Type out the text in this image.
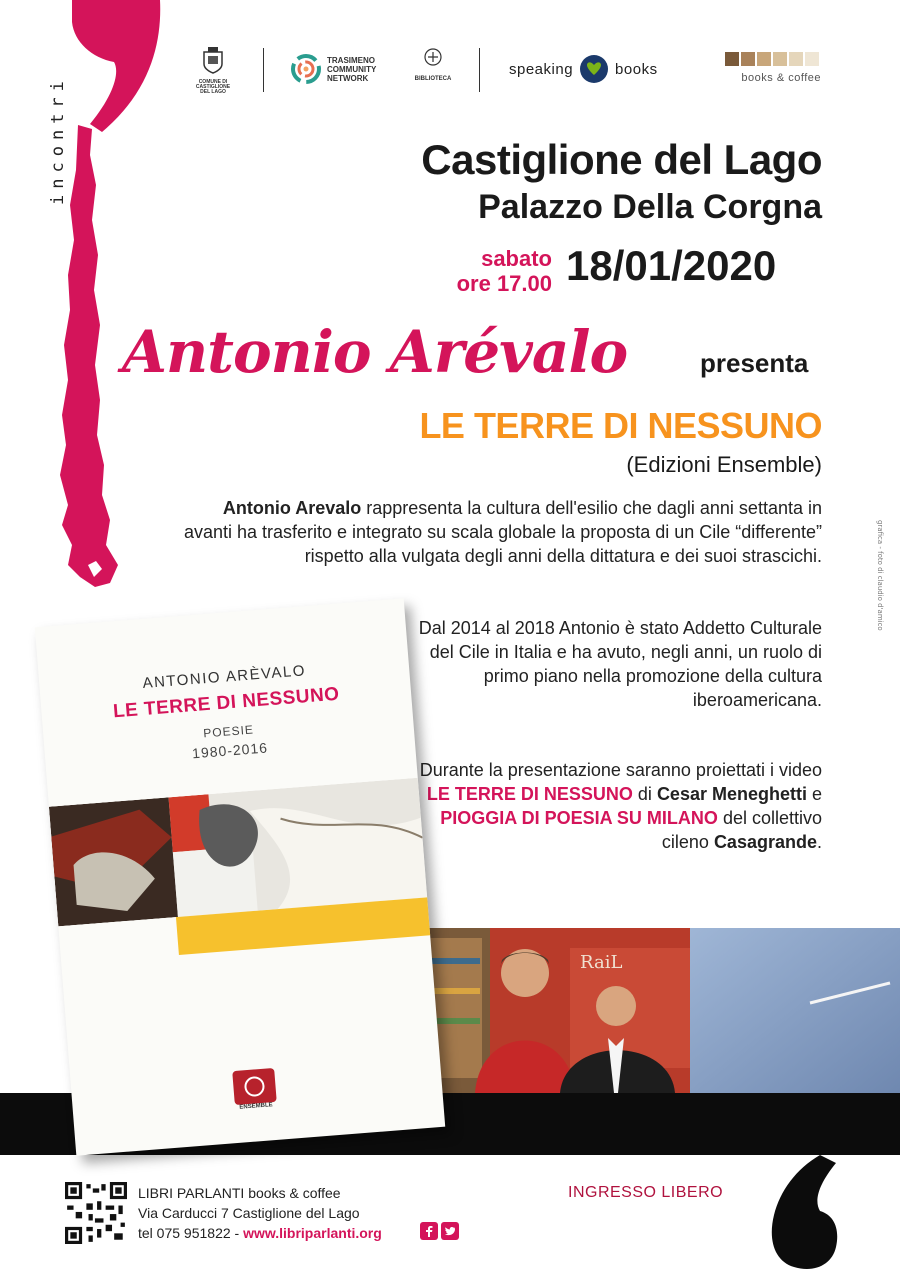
incontri	COMUNE DI CASTIGLIONE DEL LAGO
TRASIMENO COMMUNITY NETWORK	BIBLIOTECA
speaking	books
books & coffee
Castiglione del Lago
Palazzo Della Corgna
sabato
ore 17.00 18/01/2020
Antonio Arévalo	presenta
LE TERRE DI NESSUNO
(Edizioni Ensemble)
Antonio Arevalo rappresenta la cultura dell'esilio che dagli anni settanta in avanti ha trasferito e integrato su scala globale la proposta di un Cile “differente” rispetto alla vulgata degli anni della dittatura e dei suoi strascichi.
Dal 2014 al 2018 Antonio è stato Addetto Culturale del Cile in Italia e ha avuto, negli anni, un ruolo di primo piano nella promozione della cultura iberoamericana.
Durante la presentazione saranno proiettati i video LE TERRE DI NESSUNO di Cesar Meneghetti e PIOGGIA DI POESIA SU MILANO del collettivo cileno Casagrande.
grafica - foto di claudio d'amico
RaiL
ANTONIO ARÈVALO
LE TERRE DI NESSUNO
POESIE
1980-2016
ENSEMBLE
LIBRI PARLANTI books & coffee
Via Carducci 7 Castiglione del Lago
tel 075 951822 - www.libriparlanti.org
INGRESSO LIBERO
